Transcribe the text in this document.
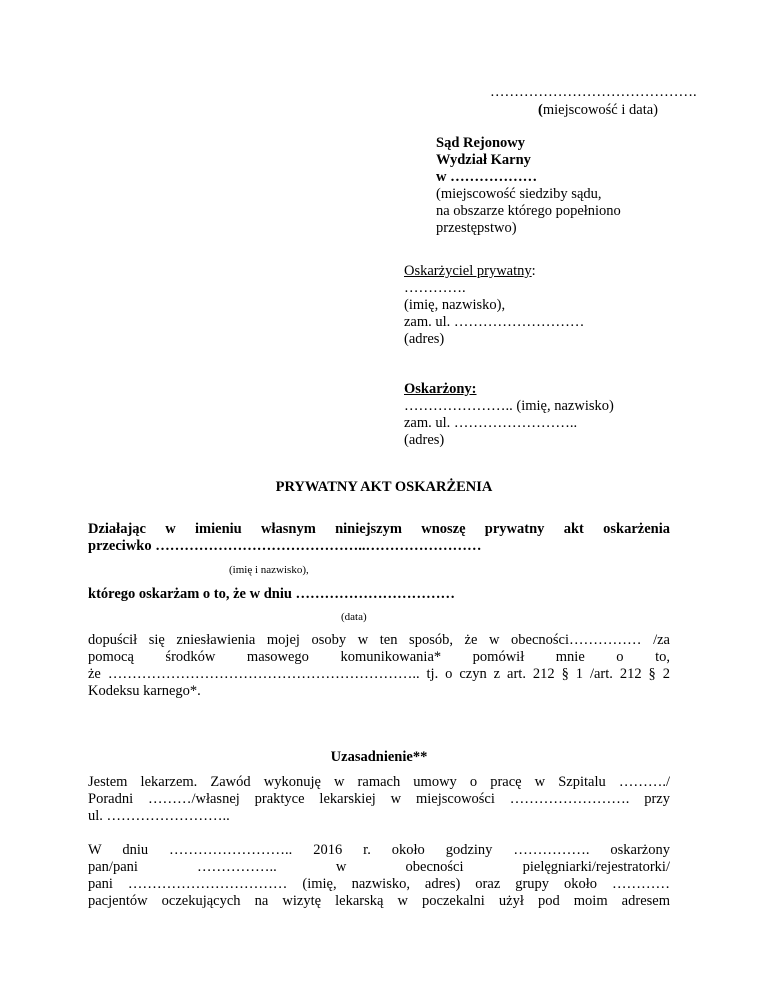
…………………………………….
(miejscowość i data)
Sąd Rejonowy
Wydział Karny
w ………………
(miejscowość siedziby sądu,
na obszarze którego popełniono
przestępstwo)
Oskarżyciel prywatny:
………….
(imię, nazwisko),
zam. ul. ………………………
(adres)
Oskarżony:
………………….. (imię, nazwisko)
zam. ul. ……………………..
(adres)
PRYWATNY AKT OSKARŻENIA
Działając w imieniu własnym niniejszym wnoszę prywatny akt oskarżenia
przeciwko ……………………………………..……………………
(imię i nazwisko),
którego oskarżam o to, że w dniu ……………………………
(data)
dopuścił się zniesławienia mojej osoby w ten sposób, że w obecności…………… /za
pomocą środków masowego komunikowania* pomówił mnie o to,
że ……………………………………………………….. tj. o czyn z art. 212 § 1 /art. 212 § 2
Kodeksu karnego*.
Uzasadnienie**
Jestem lekarzem. Zawód wykonuję w ramach umowy o pracę w Szpitalu ………./
Poradni ………/własnej praktyce lekarskiej w miejscowości ……………………. przy
ul. ……………………..
W dniu …………………….. 2016 r. około godziny ……………. oskarżony
pan/pani …………….. w obecności pielęgniarki/rejestratorki/
pani …………………………… (imię, nazwisko, adres) oraz grupy około …………
pacjentów oczekujących na wizytę lekarską w poczekalni użył pod moim adresem
